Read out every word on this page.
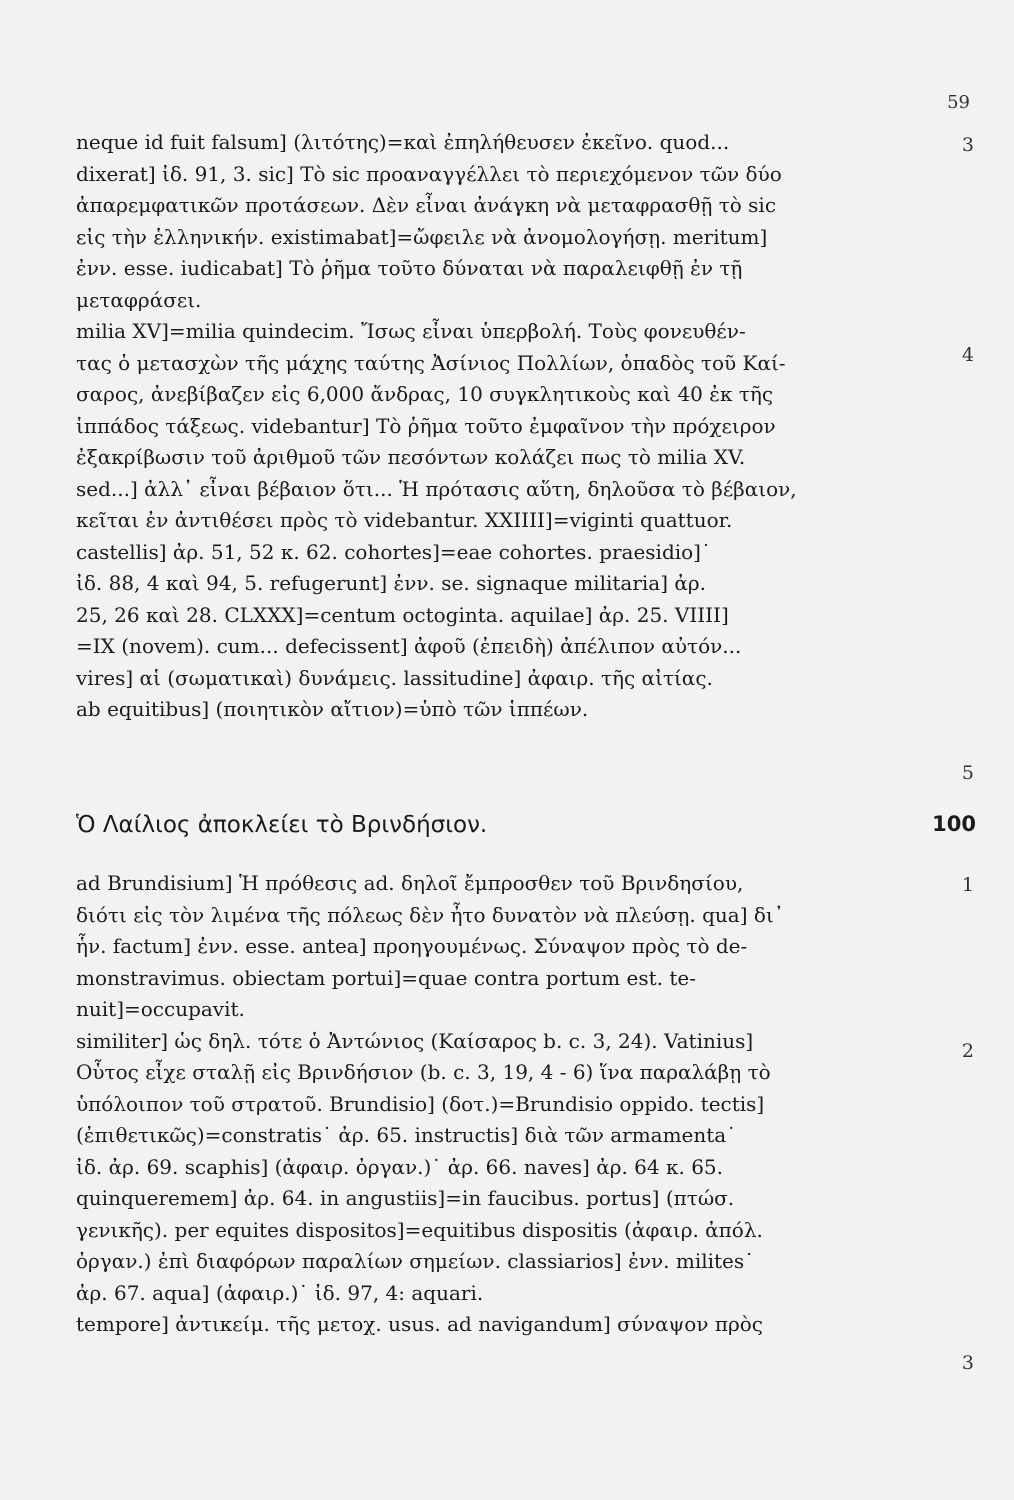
59
neque id fuit falsum] (λιτότης)=καὶ ἐπηλήθευσεν ἐκεῖνο. quod...
dixerat] ἰδ. 91, 3. sic] Τὸ sic προαναγγέλλει τὸ περιεχόμενον τῶν δύο
ἀπαρεμφατικῶν προτάσεων. Δὲν εἶναι ἀνάγκη νὰ μεταφρασθῇ τὸ sic
εἰς τὴν ἑλληνικήν. existimabat]=ὤφειλε νὰ ἀνομολογήσῃ. meritum]
ἐνν. esse. iudicabat] Τὸ ῥῆμα τοῦτο δύναται νὰ παραλειφθῇ ἐν τῇ
μεταφράσει.
milia XV]=milia quindecim. Ἴσως εἶναι ὑπερβολή. Τοὺς φονευθέν-
τας ὁ μετασχὼν τῆς μάχης ταύτης Ἀσίνιος Πολλίων, ὀπαδὸς τοῦ Καί-
σαρος, ἀνεβίβαζεν εἰς 6,000 ἄνδρας, 10 συγκλητικοὺς καὶ 40 ἐκ τῆς
ἱππάδος τάξεως. videbantur] Τὸ ῥῆμα τοῦτο ἐμφαῖνον τὴν πρόχειρον
ἐξακρίβωσιν τοῦ ἀριθμοῦ τῶν πεσόντων κολάζει πως τὸ milia XV.
sed...] ἀλλ᾽ εἶναι βέβαιον ὅτι... Ἡ πρότασις αὕτη, δηλοῦσα τὸ βέβαιον,
κεῖται ἐν ἀντιθέσει πρὸς τὸ videbantur. XXIIII]=viginti quattuor.
castellis] ἀρ. 51, 52 κ. 62. cohortes]=eae cohortes. praesidio]˙
ἰδ. 88, 4 καὶ 94, 5. refugerunt] ἐνν. se. signaque militaria] ἀρ.
25, 26 καὶ 28. CLXXX]=centum octoginta. aquilae] ἀρ. 25. VIIII]
=IX (novem). cum... defecissent] ἀφοῦ (ἐπειδὴ) ἀπέλιπον αὐτόν...
vires] αἱ (σωματικαὶ) δυνάμεις. lassitudine] ἀφαιρ. τῆς αἰτίας.
ab equitibus] (ποιητικὸν αἴτιον)=ὑπὸ τῶν ἱππέων.
3
4
5
Ὁ Λαίλιος ἀποκλείει τὸ Βρινδήσιον.	100
ad Brundisium] Ἡ πρόθεσις ad. δηλοῖ ἔμπροσθεν τοῦ Βρινδησίου,
διότι εἰς τὸν λιμένα τῆς πόλεως δὲν ἦτο δυνατὸν νὰ πλεύσῃ. qua] δι᾽
ἧν. factum] ἐνν. esse. antea] προηγουμένως. Σύναψον πρὸς τὸ de-
monstravimus. obiectam portui]=quae contra portum est. te-
nuit]=occupavit.
similiter] ὡς δηλ. τότε ὁ Ἀντώνιος (Καίσαρος b. c. 3, 24). Vatinius]
Οὗτος εἶχε σταλῇ εἰς Βρινδήσιον (b. c. 3, 19, 4 - 6) ἵνα παραλάβῃ τὸ
ὑπόλοιπον τοῦ στρατοῦ. Brundisio] (δοτ.)=Brundisio oppido. tectis]
(ἐπιθετικῶς)=constratis˙ ἀρ. 65. instructis] διὰ τῶν armamenta˙
ἰδ. ἀρ. 69. scaphis] (ἀφαιρ. ὀργαν.)˙ ἀρ. 66. naves] ἀρ. 64 κ. 65.
quinqueremem] ἀρ. 64. in angustiis]=in faucibus. portus] (πτώσ.
γενικῆς). per equites dispositos]=equitibus dispositis (ἀφαιρ. ἀπόλ.
ὀργαν.) ἐπὶ διαφόρων παραλίων σημείων. classiarios] ἐνν. milites˙
ἀρ. 67. aqua] (ἀφαιρ.)˙ ἰδ. 97, 4: aquari.
tempore] ἀντικείμ. τῆς μετοχ. usus. ad navigandum] σύναψον πρὸς
1
2
3
